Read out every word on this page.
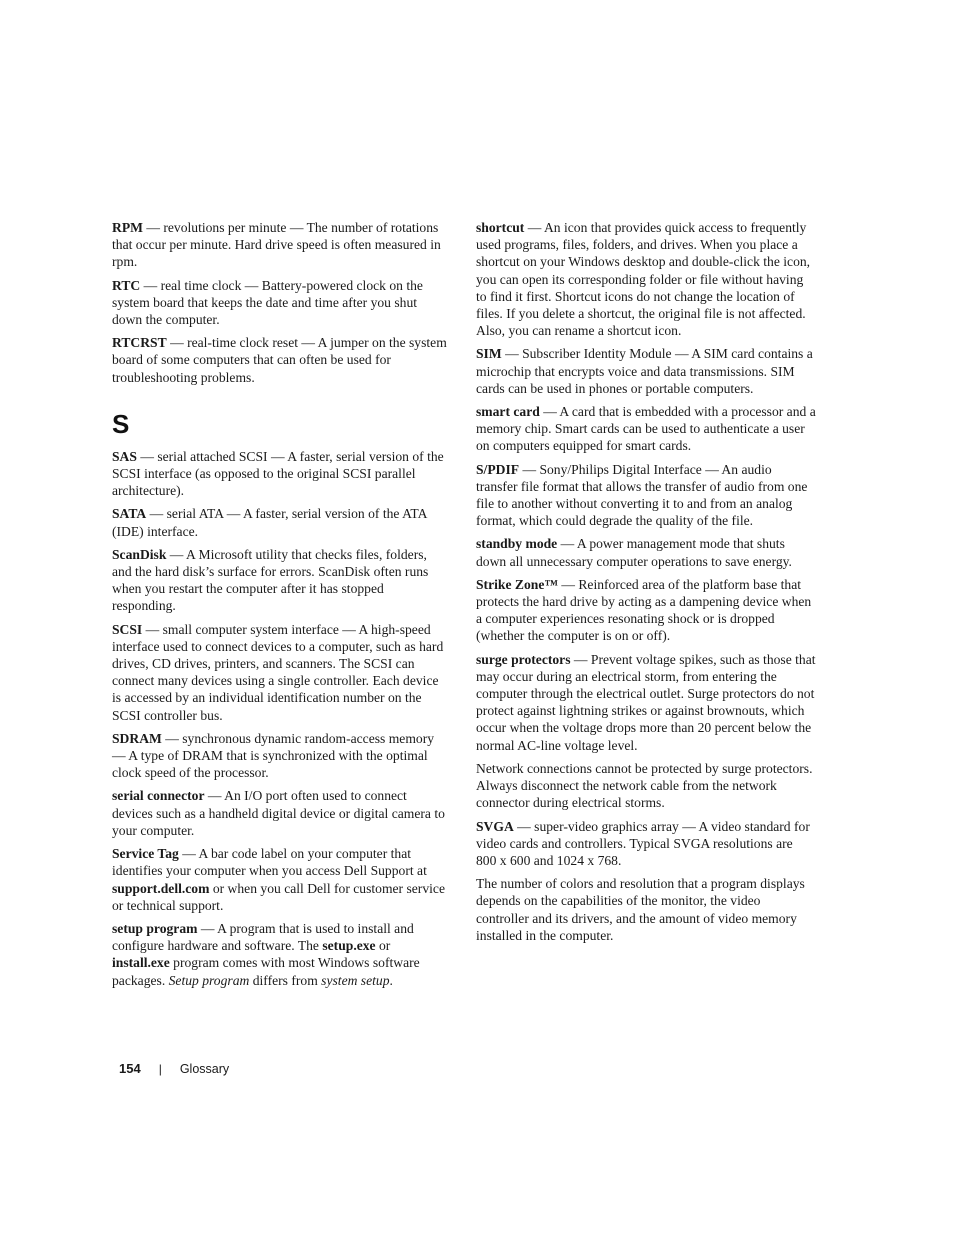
RPM — revolutions per minute — The number of rotations that occur per minute. Hard drive speed is often measured in rpm.

RTC — real time clock — Battery-powered clock on the system board that keeps the date and time after you shut down the computer.

RTCRST — real-time clock reset — A jumper on the system board of some computers that can often be used for troubleshooting problems.

S

SAS — serial attached SCSI — A faster, serial version of the SCSI interface (as opposed to the original SCSI parallel architecture).

SATA — serial ATA — A faster, serial version of the ATA (IDE) interface.

ScanDisk — A Microsoft utility that checks files, folders, and the hard disk’s surface for errors. ScanDisk often runs when you restart the computer after it has stopped responding.

SCSI — small computer system interface — A high-speed interface used to connect devices to a computer, such as hard drives, CD drives, printers, and scanners. The SCSI can connect many devices using a single controller. Each device is accessed by an individual identification number on the SCSI controller bus.

SDRAM — synchronous dynamic random-access memory — A type of DRAM that is synchronized with the optimal clock speed of the processor.

serial connector — An I/O port often used to connect devices such as a handheld digital device or digital camera to your computer.

Service Tag — A bar code label on your computer that identifies your computer when you access Dell Support at support.dell.com or when you call Dell for customer service or technical support.

setup program — A program that is used to install and configure hardware and software. The setup.exe or install.exe program comes with most Windows software packages. Setup program differs from system setup.

shortcut — An icon that provides quick access to frequently used programs, files, folders, and drives. When you place a shortcut on your Windows desktop and double-click the icon, you can open its corresponding folder or file without having to find it first. Shortcut icons do not change the location of files. If you delete a shortcut, the original file is not affected. Also, you can rename a shortcut icon.

SIM — Subscriber Identity Module — A SIM card contains a microchip that encrypts voice and data transmissions. SIM cards can be used in phones or portable computers.

smart card — A card that is embedded with a processor and a memory chip. Smart cards can be used to authenticate a user on computers equipped for smart cards.

S/PDIF — Sony/Philips Digital Interface — An audio transfer file format that allows the transfer of audio from one file to another without converting it to and from an analog format, which could degrade the quality of the file.

standby mode — A power management mode that shuts down all unnecessary computer operations to save energy.

Strike Zone™ — Reinforced area of the platform base that protects the hard drive by acting as a dampening device when a computer experiences resonating shock or is dropped (whether the computer is on or off).

surge protectors — Prevent voltage spikes, such as those that may occur during an electrical storm, from entering the computer through the electrical outlet. Surge protectors do not protect against lightning strikes or against brownouts, which occur when the voltage drops more than 20 percent below the normal AC-line voltage level.

Network connections cannot be protected by surge protectors. Always disconnect the network cable from the network connector during electrical storms.

SVGA — super-video graphics array — A video standard for video cards and controllers. Typical SVGA resolutions are 800 x 600 and 1024 x 768.

The number of colors and resolution that a program displays depends on the capabilities of the monitor, the video controller and its drivers, and the amount of video memory installed in the computer.

154 | Glossary
